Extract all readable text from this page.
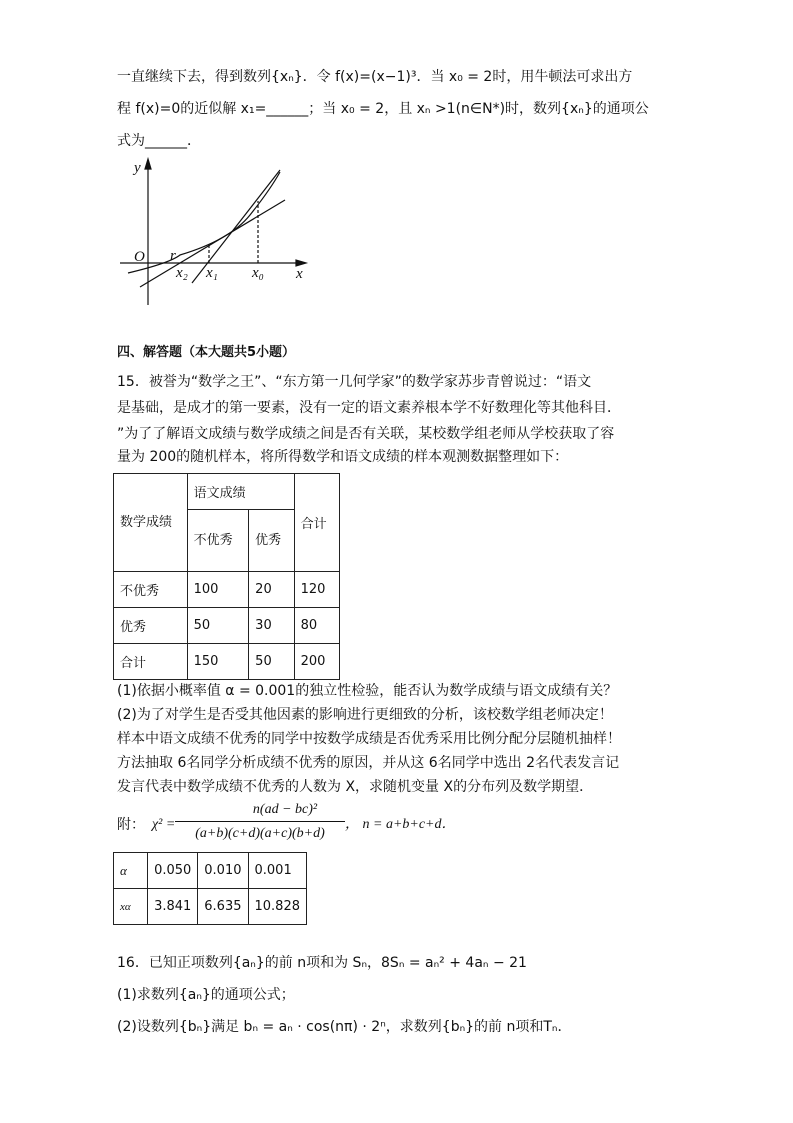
一直继续下去，得到数列{xₙ}．令 f(x)=(x−1)³．当 x₀ = 2时，用牛顿法可求出方
程 f(x)=0的近似解 x₁=______；当 x₀ = 2，且 xₙ >1(n∈N*)时，数列{xₙ}的通项公
式为______．
y
x
O r
x₂ x₁ x₀
四、解答题（本大题共5小题）
15．被誉为“数学之王”、“东方第一几何学家”的数学家苏步青曾说过：“语文
是基础，是成才的第一要素，没有一定的语文素养根本学不好数理化等其他科目．
”为了了解语文成绩与数学成绩之间是否有关联，某校数学组老师从学校获取了容
量为 200的随机样本，将所得数学和语文成绩的样本观测数据整理如下：
数学成绩	语文成绩		合计
	不优秀	优秀	
不优秀	100	20	120
优秀	50	30	80
合计	150	50	200
(1)依据小概率值 α = 0.001的独立性检验，能否认为数学成绩与语文成绩有关？
(2)为了对学生是否受其他因素的影响进行更细致的分析，该校数学组老师决定！
样本中语文成绩不优秀的同学中按数学成绩是否优秀采用比例分配分层随机抽样！
方法抽取 6名同学分析成绩不优秀的原因，并从这 6名同学中选出 2名代表发言记
发言代表中数学成绩不优秀的人数为 X，求随机变量 X的分布列及数学期望．
附： χ² =
n(ad − bc)²
(a+b)(c+d)(a+c)(b+d)
， n = a+b+c+d．
α	0.050	0.010	0.001
xα	3.841	6.635	10.828
16．已知正项数列{aₙ}的前 n项和为 Sₙ，8Sₙ = aₙ² + 4aₙ − 21
(1)求数列{aₙ}的通项公式；
(2)设数列{bₙ}满足 bₙ = aₙ · cos(nπ) · 2ⁿ，求数列{bₙ}的前 n项和Tₙ．
